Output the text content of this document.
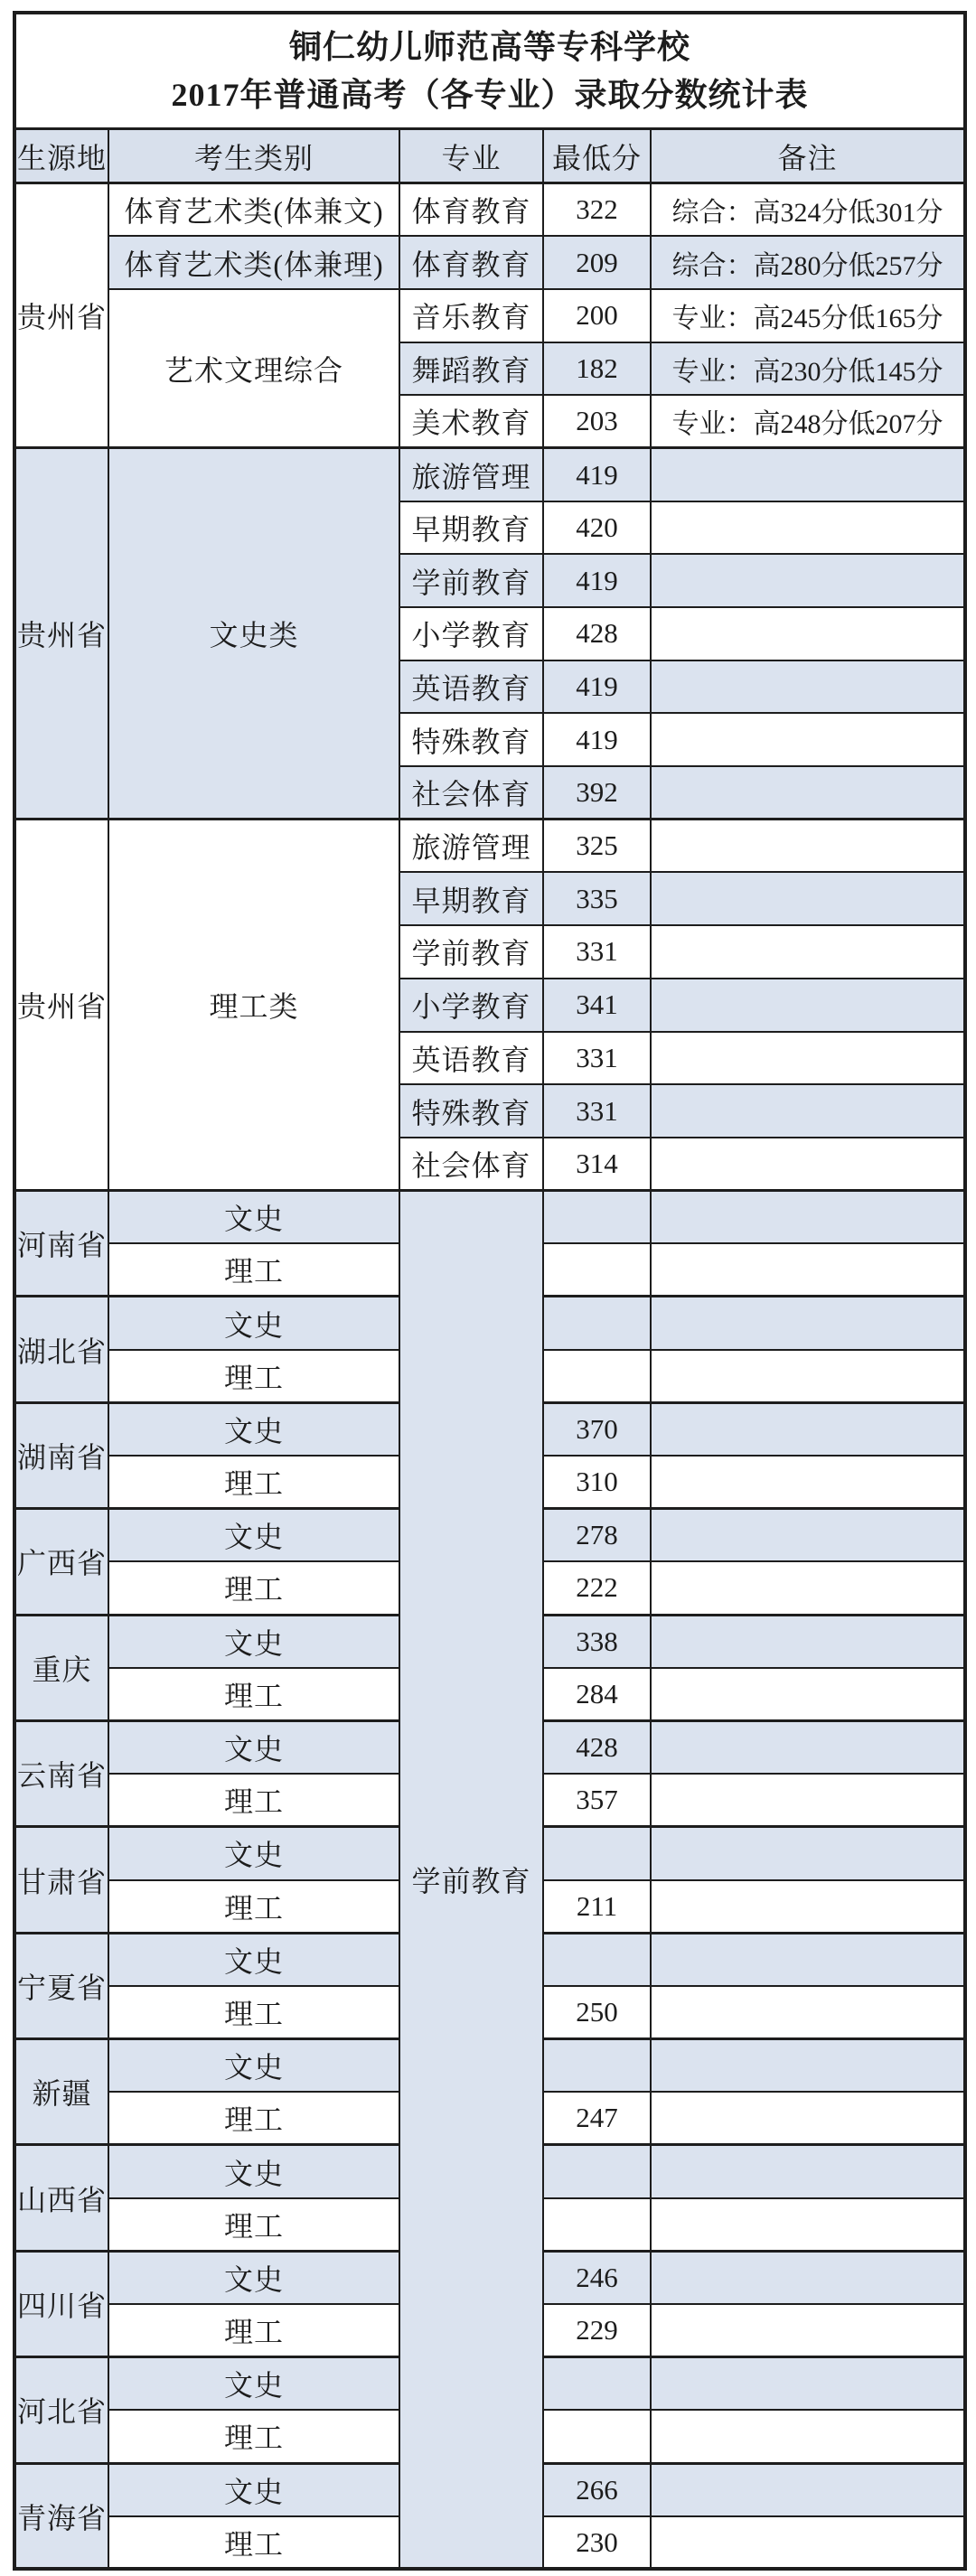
铜仁幼儿师范高等专科学校
2017年普通高考（各专业）录取分数统计表				

生源地	考生类别	专业	最低分	备注
贵州省	体育艺术类(体兼文)	体育教育	322	综合：高324分低301分
	体育艺术类(体兼理)	体育教育	209	综合：高280分低257分
	艺术文理综合	音乐教育	200	专业：高245分低165分
		舞蹈教育	182	专业：高230分低145分
		美术教育	203	专业：高248分低207分
贵州省	文史类	旅游管理	419	
		早期教育	420	
		学前教育	419	
		小学教育	428	
		英语教育	419	
		特殊教育	419	
		社会体育	392	
贵州省	理工类	旅游管理	325	
		早期教育	335	
		学前教育	331	
		小学教育	341	
		英语教育	331	
		特殊教育	331	
		社会体育	314	
河南省	文史	学前教育		
	理工			
湖北省	文史			
	理工			
湖南省	文史		370	
	理工		310	
广西省	文史		278	
	理工		222	
重庆	文史		338	
	理工		284	
云南省	文史		428	
	理工		357	
甘肃省	文史			
	理工		211	
宁夏省	文史			
	理工		250	
新疆	文史			
	理工		247	
山西省	文史			
	理工			
四川省	文史		246	
	理工		229	
河北省	文史			
	理工			
青海省	文史		266	
	理工		230	
